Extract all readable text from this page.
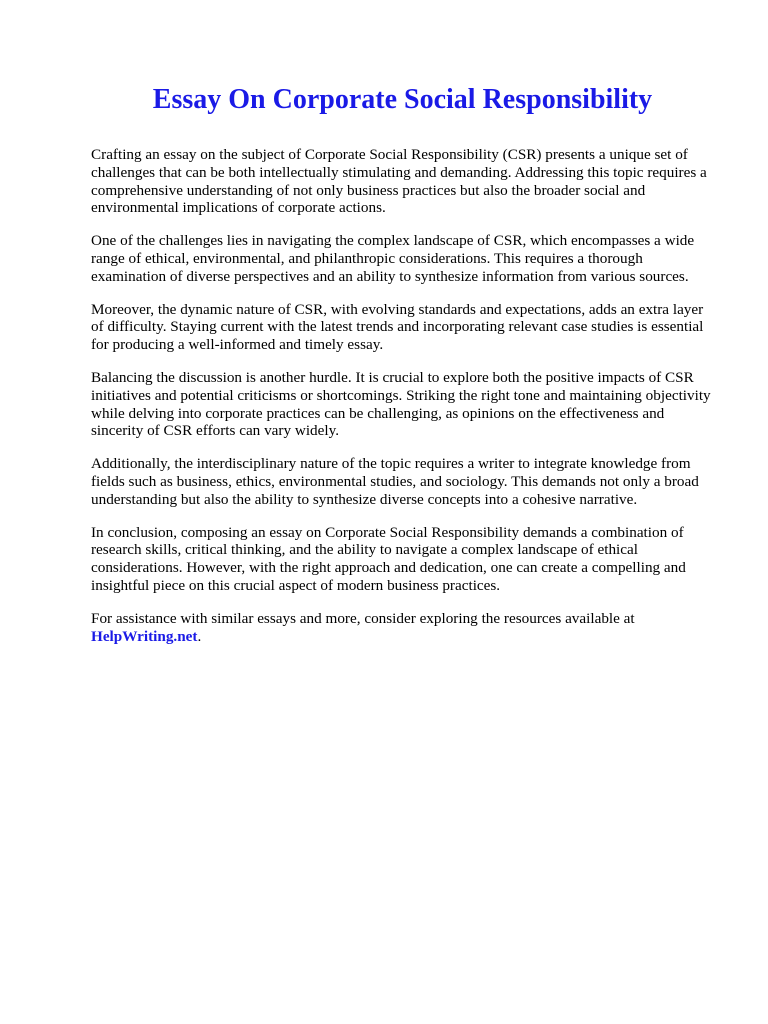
Essay On Corporate Social Responsibility

Crafting an essay on the subject of Corporate Social Responsibility (CSR) presents a unique set of challenges that can be both intellectually stimulating and demanding. Addressing this topic requires a comprehensive understanding of not only business practices but also the broader social and environmental implications of corporate actions.

One of the challenges lies in navigating the complex landscape of CSR, which encompasses a wide range of ethical, environmental, and philanthropic considerations. This requires a thorough examination of diverse perspectives and an ability to synthesize information from various sources.

Moreover, the dynamic nature of CSR, with evolving standards and expectations, adds an extra layer of difficulty. Staying current with the latest trends and incorporating relevant case studies is essential for producing a well-informed and timely essay.

Balancing the discussion is another hurdle. It is crucial to explore both the positive impacts of CSR initiatives and potential criticisms or shortcomings. Striking the right tone and maintaining objectivity while delving into corporate practices can be challenging, as opinions on the effectiveness and sincerity of CSR efforts can vary widely.

Additionally, the interdisciplinary nature of the topic requires a writer to integrate knowledge from fields such as business, ethics, environmental studies, and sociology. This demands not only a broad understanding but also the ability to synthesize diverse concepts into a cohesive narrative.

In conclusion, composing an essay on Corporate Social Responsibility demands a combination of research skills, critical thinking, and the ability to navigate a complex landscape of ethical considerations. However, with the right approach and dedication, one can create a compelling and insightful piece on this crucial aspect of modern business practices.

For assistance with similar essays and more, consider exploring the resources available at
HelpWriting.net.
